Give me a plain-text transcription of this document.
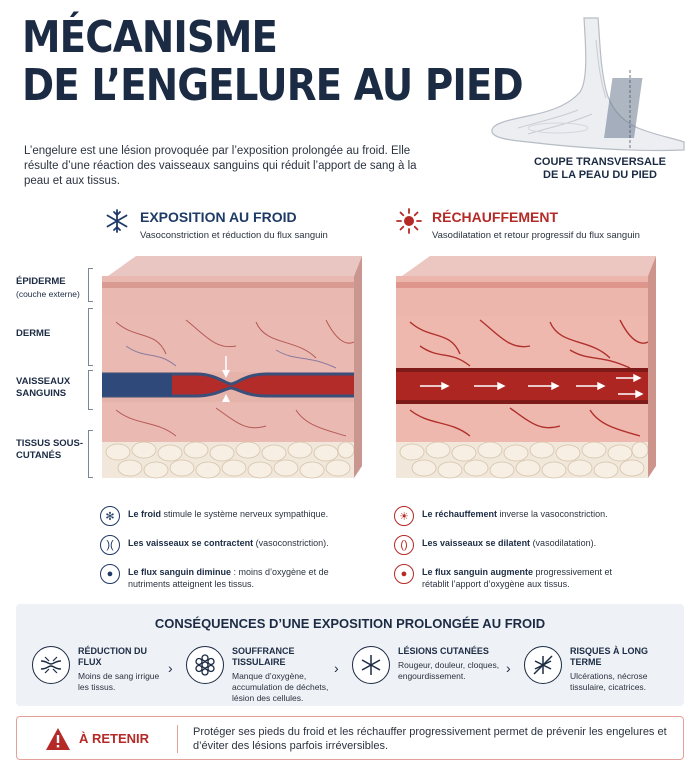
MÉCANISME
DE L’ENGELURE AU PIED

L’engelure est une lésion provoquée par l’exposition prolongée au froid. Elle résulte d’une réaction des vaisseaux sanguins qui réduit l’apport de sang à la peau et aux tissus.

COUPE TRANSVERSALE
DE LA PEAU DU PIED
EXPOSITION AU FROID
Vasoconstriction et réduction du flux sanguin
RÉCHAUFFEMENT
Vasodilatation et retour progressif du flux sanguin
ÉPIDERME
(couche externe)
DERME
VAISSEAUX SANGUINS
TISSUS SOUS-CUTANÉS
✻	Le froid stimule le système nerveux sympathique.
)(	Les vaisseaux se contractent (vasoconstriction).
●	Le flux sanguin diminue : moins d’oxygène et de nutriments atteignent les tissus.
☀	Le réchauffement inverse la vasoconstriction.
()	Les vaisseaux se dilatent (vasodilatation).
●	Le flux sanguin augmente progressivement et rétablit l’apport d’oxygène aux tissus.
CONSÉQUENCES D’UNE EXPOSITION PROLONGÉE AU FROID
RÉDUCTION DU FLUX
Moins de sang irrigue les tissus.
›
SOUFFRANCE TISSULAIRE
Manque d’oxygène, accumulation de déchets, lésion des cellules.
›
LÉSIONS CUTANÉES
Rougeur, douleur, cloques, engourdissement.	›
RISQUES À LONG TERME
Ulcérations, nécrose tissulaire, cicatrices.
À RETENIR	Protéger ses pieds du froid et les réchauffer progressivement permet de prévenir les engelures et d’éviter des lésions parfois irréversibles.
